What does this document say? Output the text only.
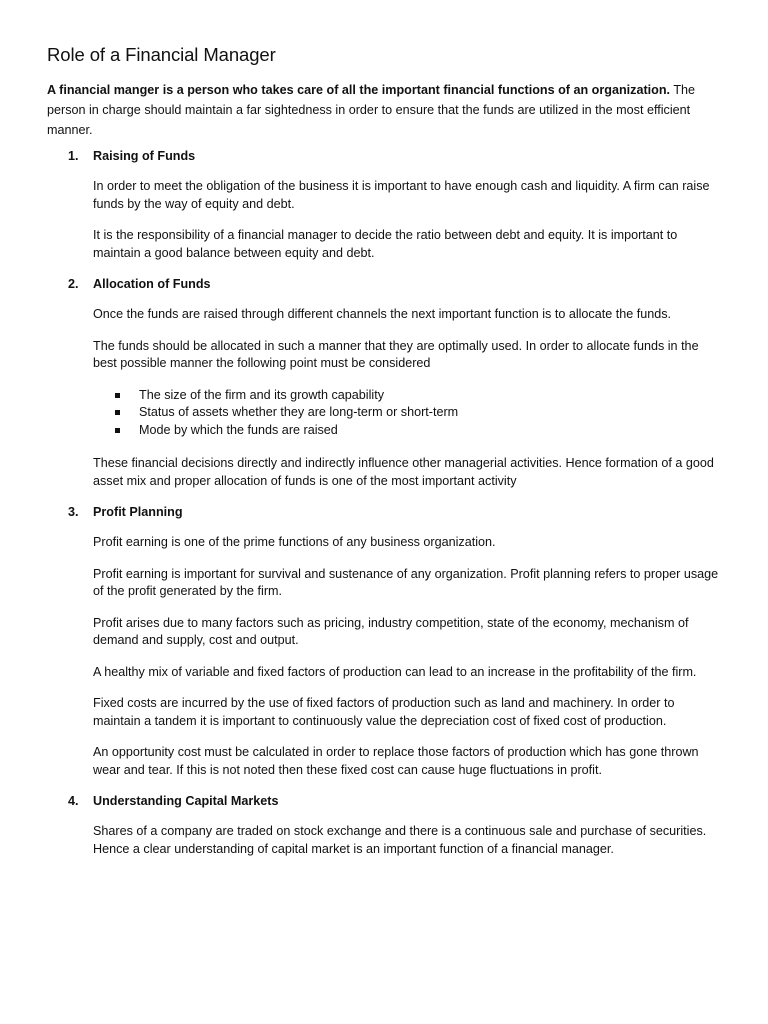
Role of a Financial Manager

A financial manger is a person who takes care of all the important financial functions of an organization. The person in charge should maintain a far sightedness in order to ensure that the funds are utilized in the most efficient manner.

1. Raising of Funds

In order to meet the obligation of the business it is important to have enough cash and liquidity. A firm can raise funds by the way of equity and debt.

It is the responsibility of a financial manager to decide the ratio between debt and equity. It is important to maintain a good balance between equity and debt.

2. Allocation of Funds

Once the funds are raised through different channels the next important function is to allocate the funds.

The funds should be allocated in such a manner that they are optimally used. In order to allocate funds in the best possible manner the following point must be considered

The size of the firm and its growth capability
Status of assets whether they are long-term or short-term
Mode by which the funds are raised

These financial decisions directly and indirectly influence other managerial activities. Hence formation of a good asset mix and proper allocation of funds is one of the most important activity

3. Profit Planning

Profit earning is one of the prime functions of any business organization.

Profit earning is important for survival and sustenance of any organization. Profit planning refers to proper usage of the profit generated by the firm.

Profit arises due to many factors such as pricing, industry competition, state of the economy, mechanism of demand and supply, cost and output.

A healthy mix of variable and fixed factors of production can lead to an increase in the profitability of the firm.

Fixed costs are incurred by the use of fixed factors of production such as land and machinery. In order to maintain a tandem it is important to continuously value the depreciation cost of fixed cost of production.

An opportunity cost must be calculated in order to replace those factors of production which has gone thrown wear and tear. If this is not noted then these fixed cost can cause huge fluctuations in profit.

4. Understanding Capital Markets

Shares of a company are traded on stock exchange and there is a continuous sale and purchase of securities. Hence a clear understanding of capital market is an important function of a financial manager.
